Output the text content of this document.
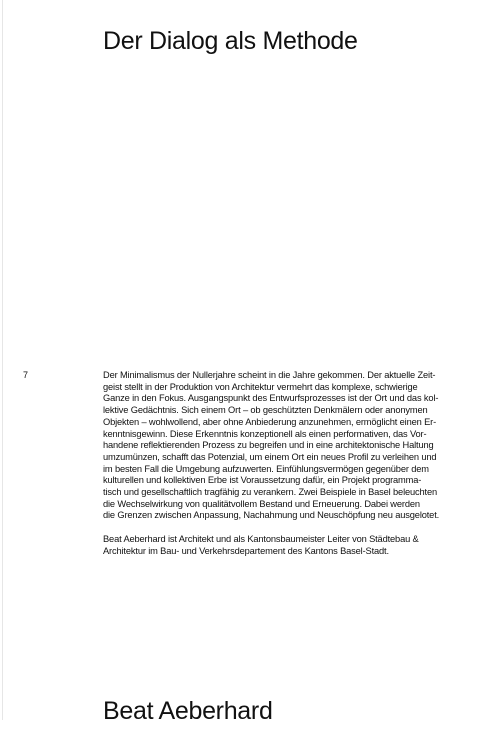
Der Dialog als Methode
7	Der Minimalismus der Nullerjahre scheint in die Jahre gekommen. Der aktuelle Zeit-
geist stellt in der Produktion von Architektur vermehrt das komplexe, schwierige
Ganze in den Fokus. Ausgangspunkt des Entwurfsprozesses ist der Ort und das kol-
lektive Gedächtnis. Sich einem Ort – ob geschützten Denkmälern oder anonymen
Objekten – wohlwollend, aber ohne Anbiederung anzunehmen, ermöglicht einen Er-
kenntnisgewinn. Diese Erkenntnis konzeptionell als einen performativen, das Vor-
handene reflektierenden Prozess zu begreifen und in eine architektonische Haltung
umzumünzen, schafft das Potenzial, um einem Ort ein neues Profil zu verleihen und
im besten Fall die Umgebung aufzuwerten. Einfühlungsvermögen gegenüber dem
kulturellen und kollektiven Erbe ist Voraussetzung dafür, ein Projekt programma-
tisch und gesellschaftlich tragfähig zu verankern. Zwei Beispiele in Basel beleuchten
die Wechselwirkung von qualitätvollem Bestand und Erneuerung. Dabei werden
die Grenzen zwischen Anpassung, Nachahmung und Neuschöpfung neu ausgelotet.

Beat Aeberhard ist Architekt und als Kantonsbaumeister Leiter von Städtebau &
Architektur im Bau- und Verkehrsdepartement des Kantons Basel-Stadt.

Beat Aeberhard
